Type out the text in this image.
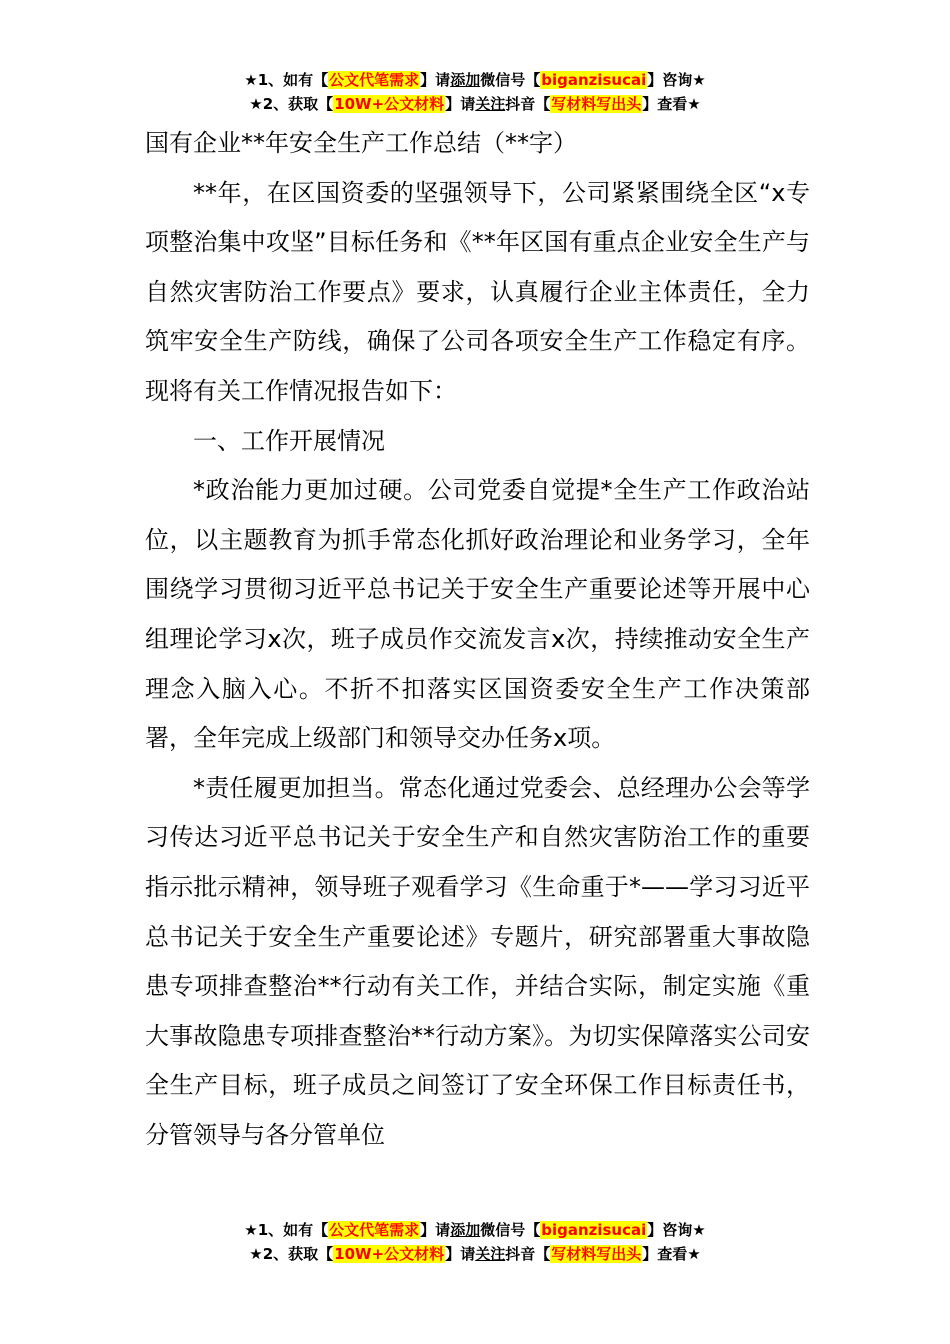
★1、如有【公文代笔需求】请添加微信号【biganzisucai】咨询★
★2、获取【10W+公文材料】请关注抖音【写材料写出头】查看★
国有企业**年安全生产工作总结（**字）

**年，在区国资委的坚强领导下，公司紧紧围绕全区“x专项整治集中攻坚”目标任务和《**年区国有重点企业安全生产与自然灾害防治工作要点》要求，认真履行企业主体责任，全力筑牢安全生产防线，确保了公司各项安全生产工作稳定有序。现将有关工作情况报告如下：

一、工作开展情况

*政治能力更加过硬。公司党委自觉提*全生产工作政治站位，以主题教育为抓手常态化抓好政治理论和业务学习，全年围绕学习贯彻习近平总书记关于安全生产重要论述等开展中心组理论学习x次，班子成员作交流发言x次，持续推动安全生产理念入脑入心。不折不扣落实区国资委安全生产工作决策部署，全年完成上级部门和领导交办任务x项。

*责任履更加担当。常态化通过党委会、总经理办公会等学习传达习近平总书记关于安全生产和自然灾害防治工作的重要指示批示精神，领导班子观看学习《生命重于*——学习习近平总书记关于安全生产重要论述》专题片，研究部署重大事故隐患专项排查整治**行动有关工作，并结合实际，制定实施《重大事故隐患专项排查整治**行动方案》。为切实保障落实公司安全生产目标，班子成员之间签订了安全环保工作目标责任书，分管领导与各分管单位

★1、如有【公文代笔需求】请添加微信号【biganzisucai】咨询★
★2、获取【10W+公文材料】请关注抖音【写材料写出头】查看★
